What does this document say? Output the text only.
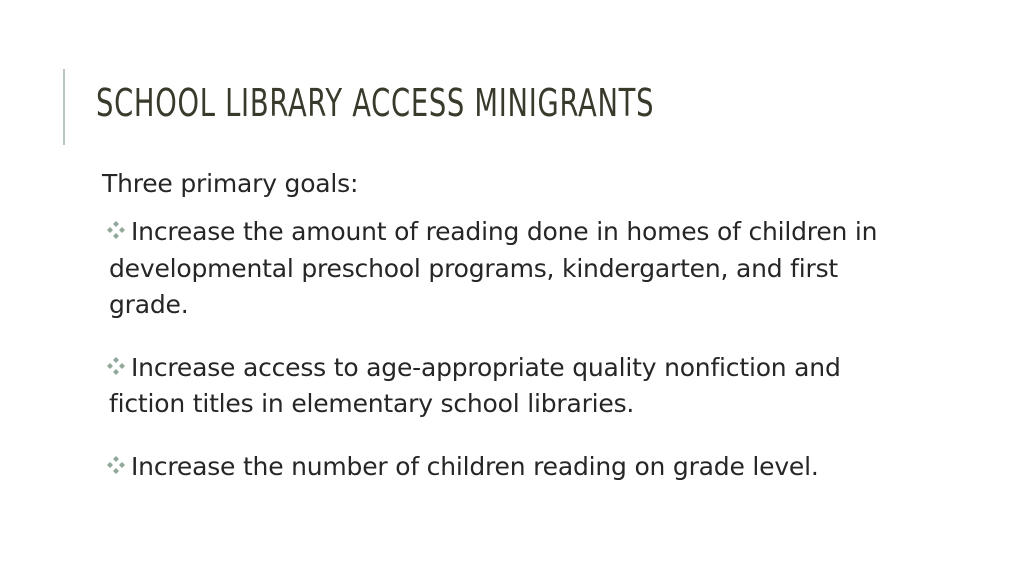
SCHOOL LIBRARY ACCESS MINIGRANTS

Three primary goals:

Increase the amount of reading done in homes of children in developmental preschool programs, kindergarten, and first grade.
Increase access to age-appropriate quality nonfiction and fiction titles in elementary school libraries.
Increase the number of children reading on grade level.
